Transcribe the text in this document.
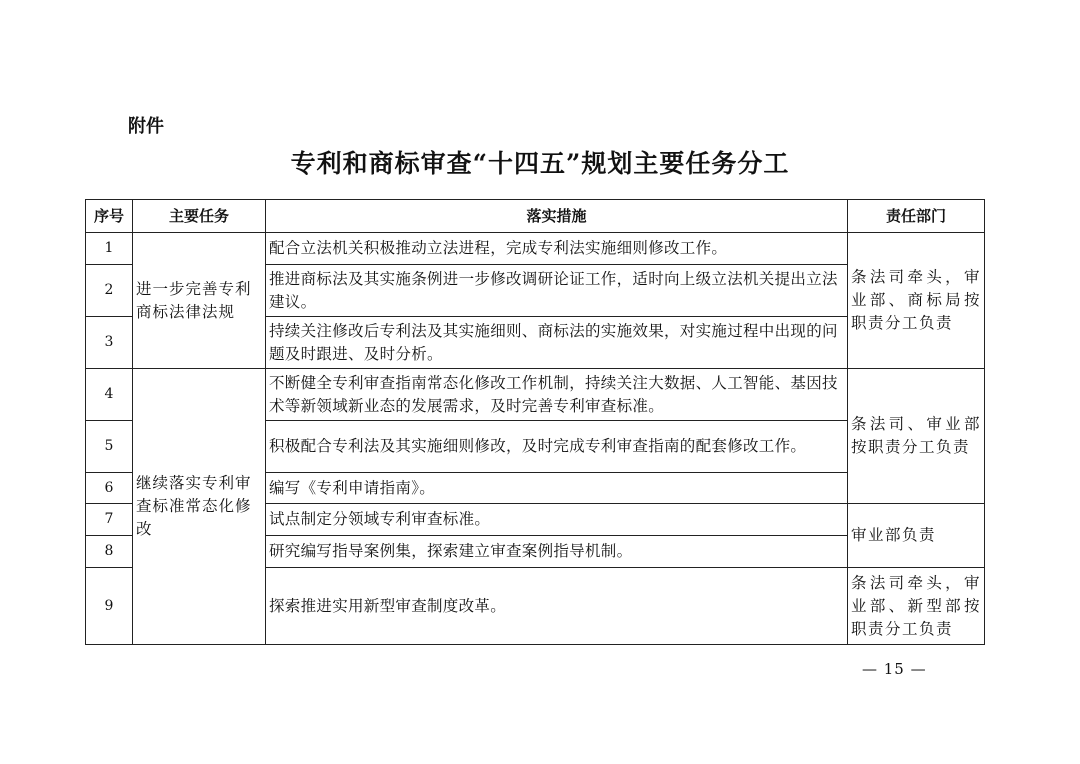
附件
专利和商标审查“十四五”规划主要任务分工
序号	主要任务	落实措施	责任部门
1	进一步完善专利商标法律法规	配合立法机关积极推动立法进程，完成专利法实施细则修改工作。	条法司牵头，审业部、商标局按职责分工负责
2		推进商标法及其实施条例进一步修改调研论证工作，适时向上级立法机关提出立法建议。	
3		持续关注修改后专利法及其实施细则、商标法的实施效果，对实施过程中出现的问题及时跟进、及时分析。	
4	继续落实专利审查标准常态化修改	不断健全专利审查指南常态化修改工作机制，持续关注大数据、人工智能、基因技术等新领域新业态的发展需求，及时完善专利审查标准。	条法司、审业部按职责分工负责
5		积极配合专利法及其实施细则修改，及时完成专利审查指南的配套修改工作。	
6		编写《专利申请指南》。	
7		试点制定分领域专利审查标准。	审业部负责
8		研究编写指导案例集，探索建立审查案例指导机制。	
9		探索推进实用新型审查制度改革。	条法司牵头，审业部、新型部按职责分工负责
— 15 —
